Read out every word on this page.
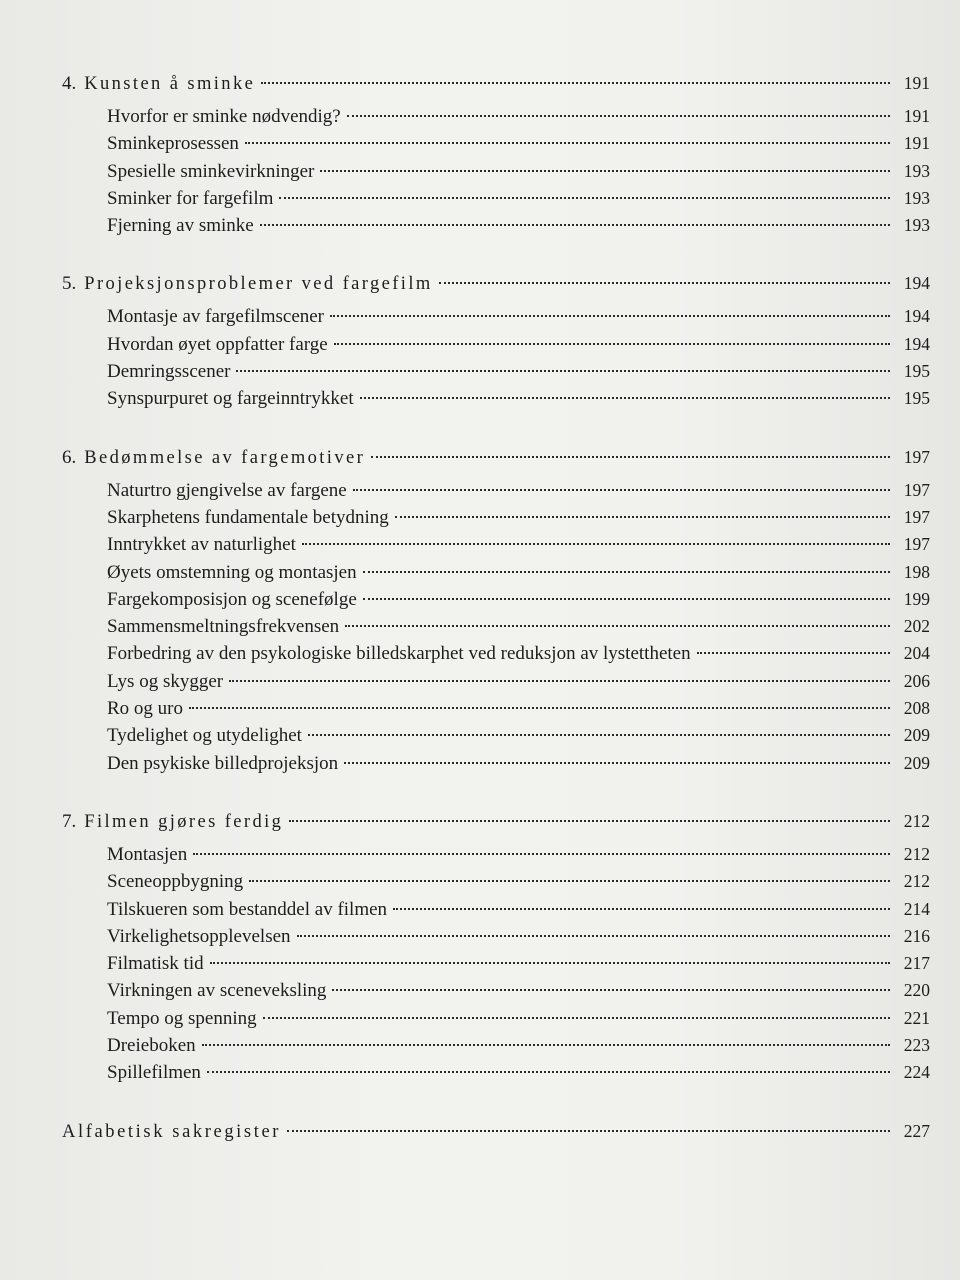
4. Kunsten å sminke	191
Hvorfor er sminke nødvendig?	191
Sminkeprosessen	191
Spesielle sminkevirkninger	193
Sminker for fargefilm	193
Fjerning av sminke	193
5. Projeksjonsproblemer ved fargefilm	194
Montasje av fargefilmscener	194
Hvordan øyet oppfatter farge	194
Demringsscener	195
Synspurpuret og fargeinntrykket	195
6. Bedømmelse av fargemotiver	197
Naturtro gjengivelse av fargene	197
Skarphetens fundamentale betydning	197
Inntrykket av naturlighet	197
Øyets omstemning og montasjen	198
Fargekomposisjon og scenefølge	199
Sammensmeltningsfrekvensen	202
Forbedring av den psykologiske billedskarphet ved reduksjon av lystettheten	204
Lys og skygger	206
Ro og uro	208
Tydelighet og utydelighet	209
Den psykiske billedprojeksjon	209
7. Filmen gjøres ferdig	212
Montasjen	212
Sceneoppbygning	212
Tilskueren som bestanddel av filmen	214
Virkelighetsopplevelsen	216
Filmatisk tid	217
Virkningen av sceneveksling	220
Tempo og spenning	221
Dreieboken	223
Spillefilmen	224
Alfabetisk sakregister	227
